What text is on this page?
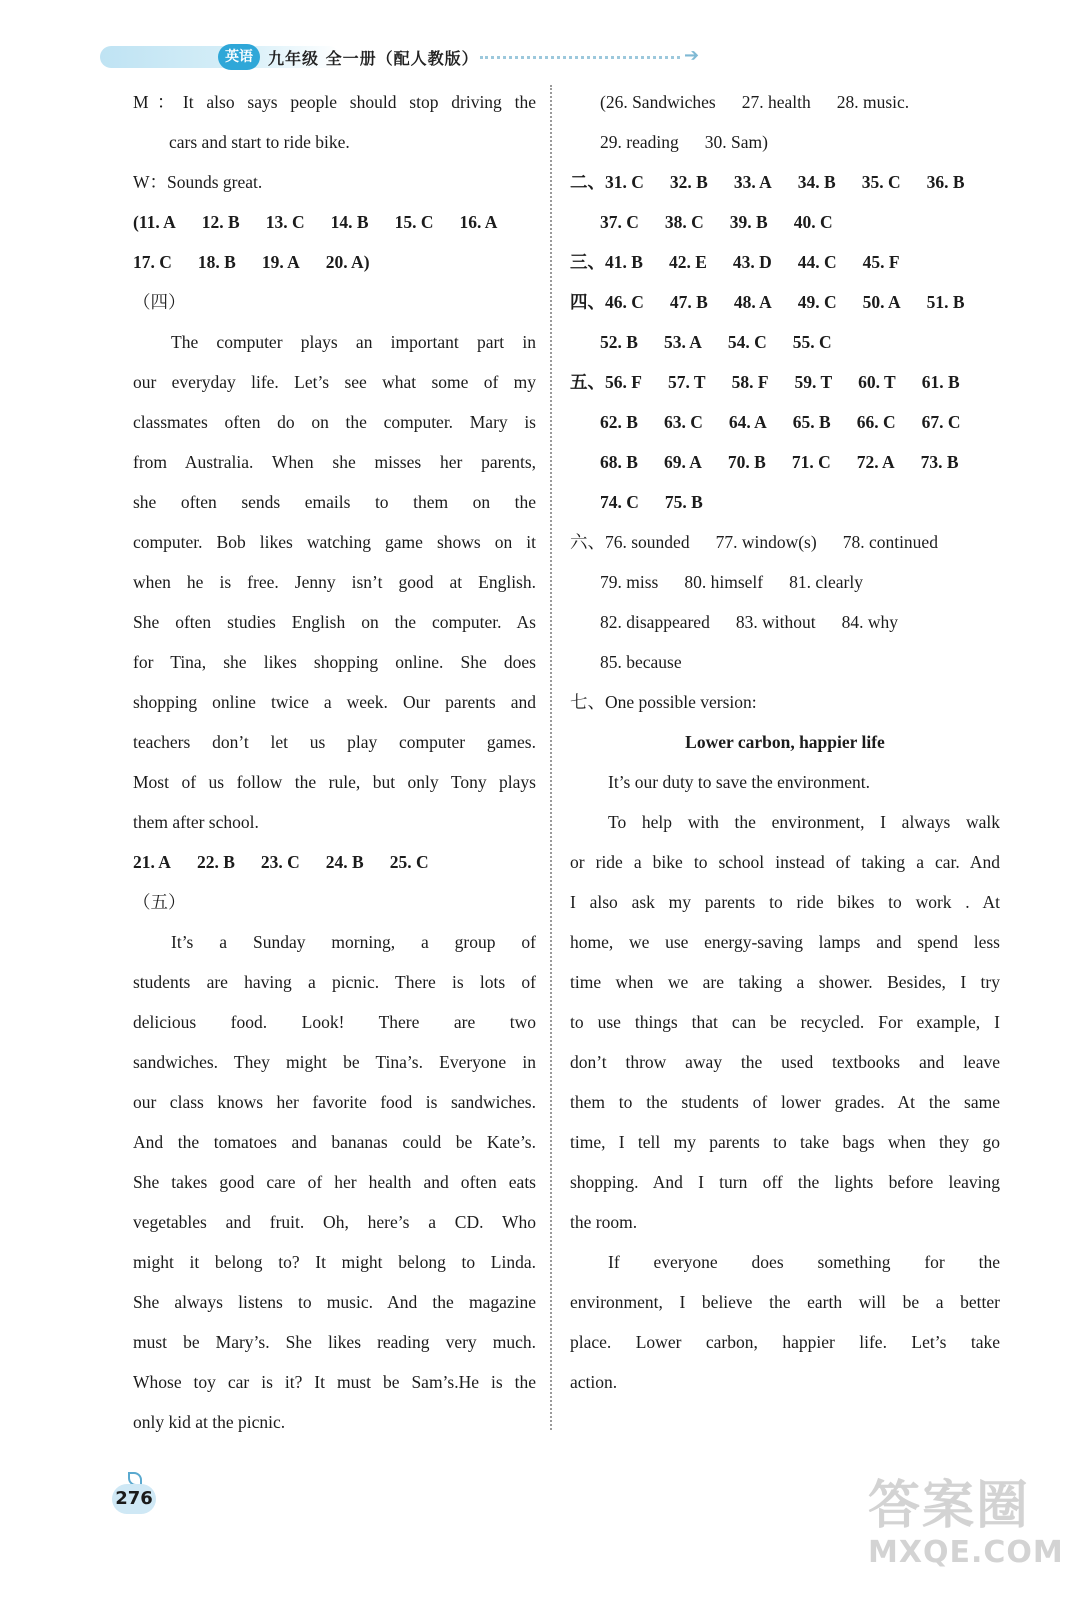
英语 九年级 全一册（配人教版）	➔

M：It also says people should stop driving the

cars and start to ride bike.

W：Sounds great.

(11. A 12. B 13. C 14. B 15. C 16. A

17. C 18. B 19. A 20. A)

（四）

The computer plays an important part in

our everyday life. Let’s see what some of my

classmates often do on the computer. Mary is

from Australia. When she misses her parents,

she often sends emails to them on the

computer. Bob likes watching game shows on it

when he is free. Jenny isn’t good at English.

She often studies English on the computer. As

for Tina, she likes shopping online. She does

shopping online twice a week. Our parents and

teachers don’t let us play computer games.

Most of us follow the rule, but only Tony plays

them after school.

21. A 22. B 23. C 24. B 25. C

（五）

It’s a Sunday morning, a group of

students are having a picnic. There is lots of

delicious food. Look! There are two

sandwiches. They might be Tina’s. Everyone in

our class knows her favorite food is sandwiches.

And the tomatoes and bananas could be Kate’s.

She takes good care of her health and often eats

vegetables and fruit. Oh, here’s a CD. Who

might it belong to? It might belong to Linda.

She always listens to music. And the magazine

must be Mary’s. She likes reading very much.

Whose toy car is it? It must be Sam’s.He is the

only kid at the picnic.

(26. Sandwiches 27. health 28. music.

29. reading 30. Sam)

二、31. C 32. B 33. A 34. B 35. C 36. B

37. C 38. C 39. B 40. C

三、41. B 42. E 43. D 44. C 45. F

四、46. C 47. B 48. A 49. C 50. A 51. B

52. B 53. A 54. C 55. C

五、56. F 57. T 58. F 59. T 60. T 61. B

62. B 63. C 64. A 65. B 66. C 67. C

68. B 69. A 70. B 71. C 72. A 73. B

74. C 75. B

六、76. sounded 77. window(s) 78. continued

79. miss 80. himself 81. clearly

82. disappeared 83. without 84. why

85. because

七、One possible version:

Lower carbon, happier life

It’s our duty to save the environment.

To help with the environment, I always walk

or ride a bike to school instead of taking a car. And

I also ask my parents to ride bikes to work . At

home, we use energy-saving lamps and spend less

time when we are taking a shower. Besides, I try

to use things that can be recycled. For example, I

don’t throw away the used textbooks and leave

them to the students of lower grades. At the same

time, I tell my parents to take bags when they go

shopping. And I turn off the lights before leaving

the room.

If everyone does something for the

environment, I believe the earth will be a better

place. Lower carbon, happier life. Let’s take

action.

276	答案圈
MXQE.COM
